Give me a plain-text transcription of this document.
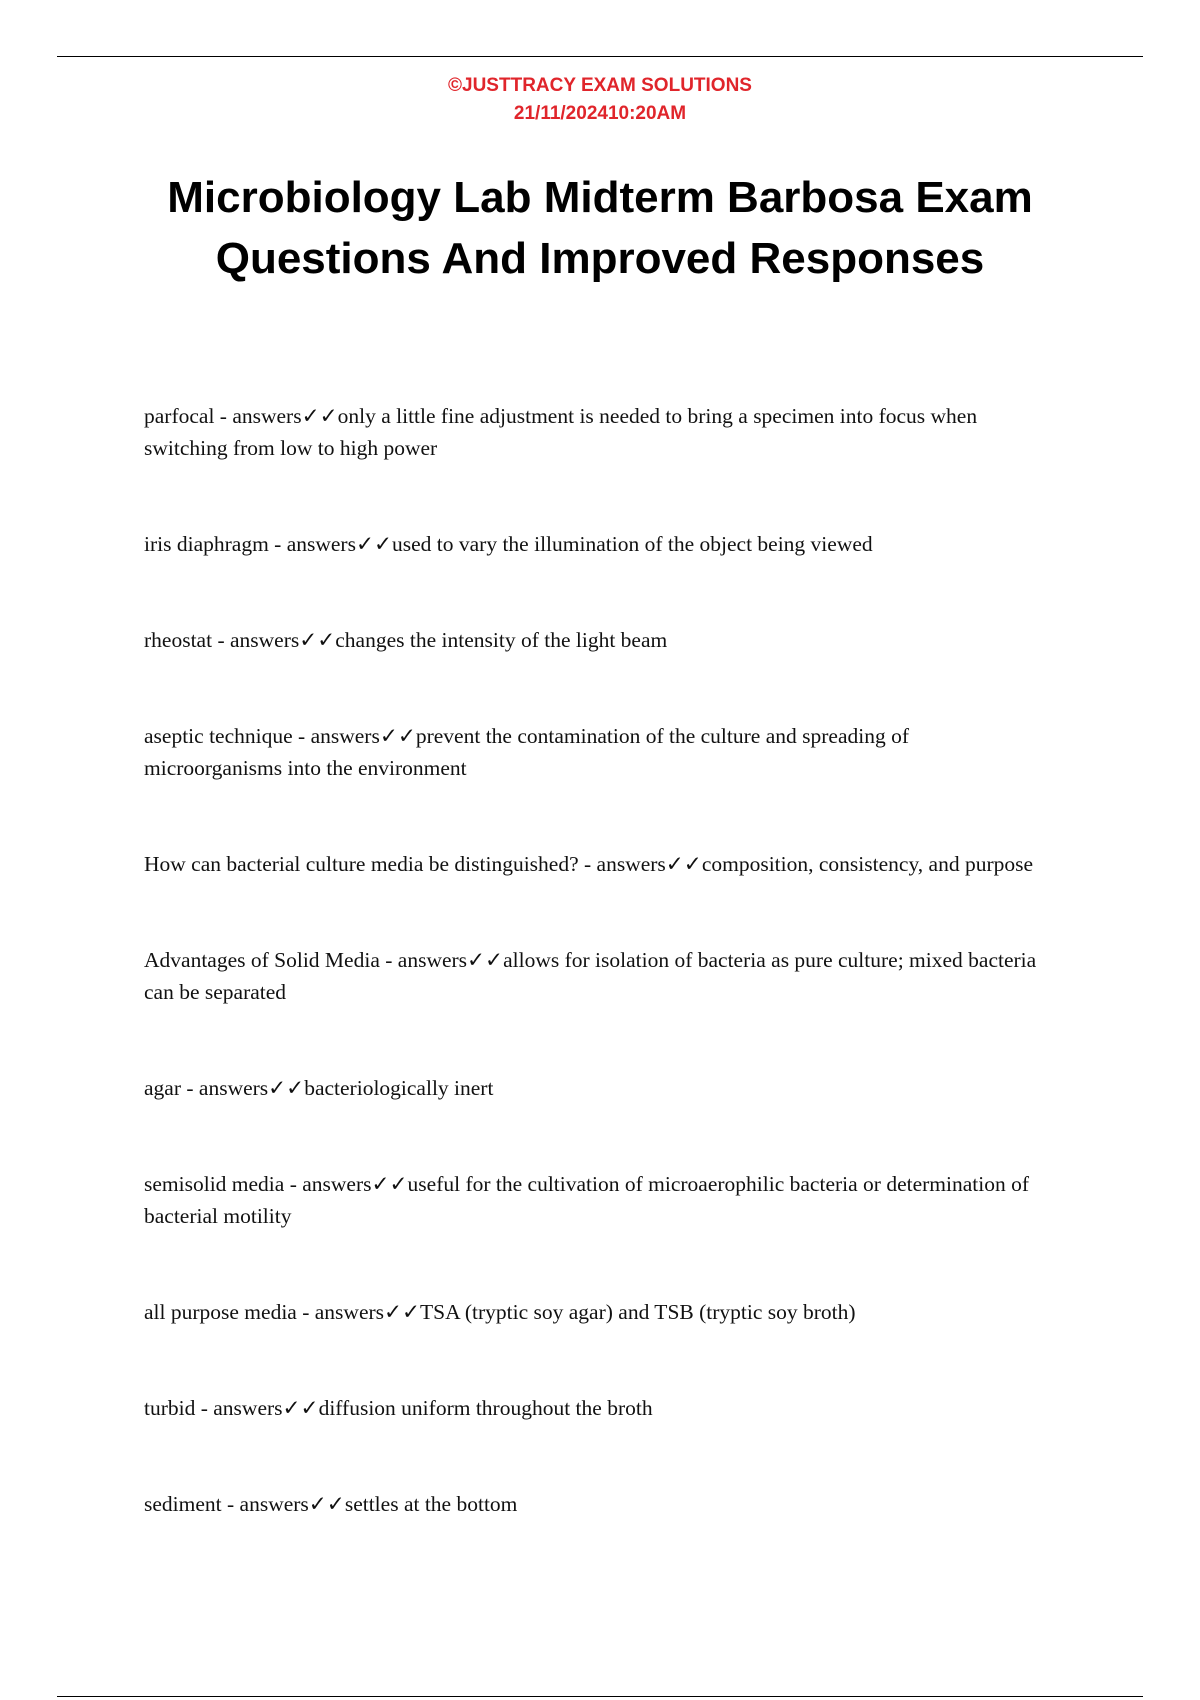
©JUSTTRACY EXAM SOLUTIONS
21/11/202410:20AM
Microbiology Lab Midterm Barbosa Exam Questions And Improved Responses
parfocal - answers✓✓only a little fine adjustment is needed to bring a specimen into focus when switching from low to high power
iris diaphragm - answers✓✓used to vary the illumination of the object being viewed
rheostat - answers✓✓changes the intensity of the light beam
aseptic technique - answers✓✓prevent the contamination of the culture and spreading of microorganisms into the environment
How can bacterial culture media be distinguished? - answers✓✓composition, consistency, and purpose
Advantages of Solid Media - answers✓✓allows for isolation of bacteria as pure culture; mixed bacteria can be separated
agar - answers✓✓bacteriologically inert
semisolid media - answers✓✓useful for the cultivation of microaerophilic bacteria or determination of bacterial motility
all purpose media - answers✓✓TSA (tryptic soy agar) and TSB (tryptic soy broth)
turbid - answers✓✓diffusion uniform throughout the broth
sediment - answers✓✓settles at the bottom
